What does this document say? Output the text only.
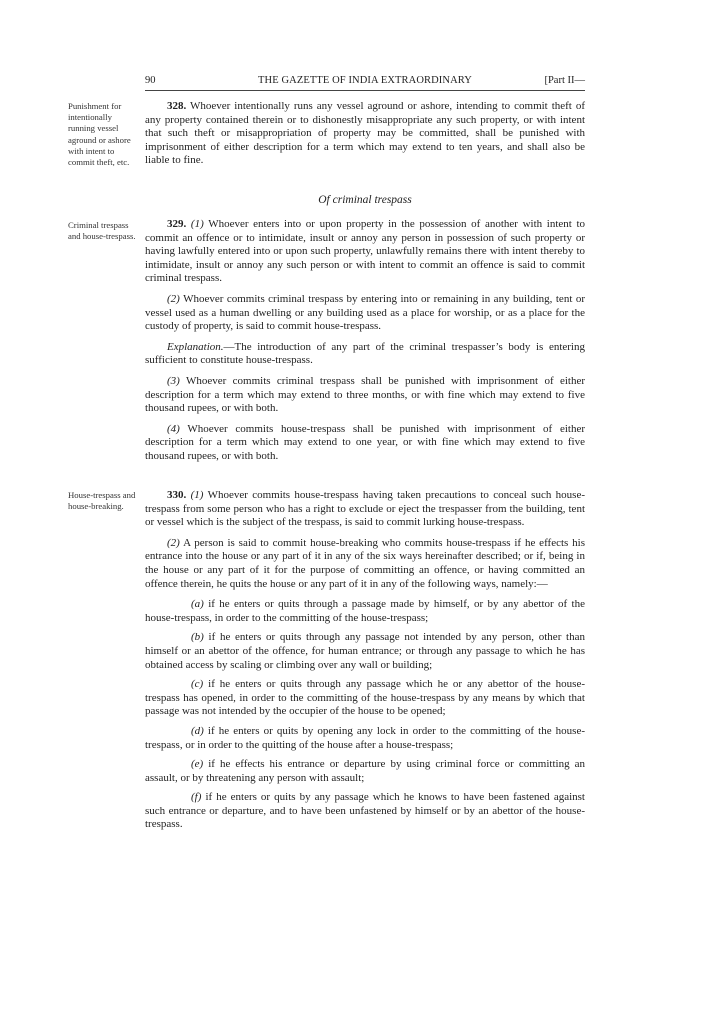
90	THE GAZETTE OF INDIA EXTRAORDINARY	[Part II—
Punishment for intentionally running vessel aground or ashore with intent to commit theft, etc.
Criminal trespass and house-trespass.
House-trespass and house-breaking.

328. Whoever intentionally runs any vessel aground or ashore, intending to commit theft of any property contained therein or to dishonestly misappropriate any such property, or with intent that such theft or misappropriation of property may be committed, shall be punished with imprisonment of either description for a term which may extend to ten years, and shall also be liable to fine.

Of criminal trespass

329. (1) Whoever enters into or upon property in the possession of another with intent to commit an offence or to intimidate, insult or annoy any person in possession of such property or having lawfully entered into or upon such property, unlawfully remains there with intent thereby to intimidate, insult or annoy any such person or with intent to commit an offence is said to commit criminal trespass.

(2) Whoever commits criminal trespass by entering into or remaining in any building, tent or vessel used as a human dwelling or any building used as a place for worship, or as a place for the custody of property, is said to commit house-trespass.

Explanation.—The introduction of any part of the criminal trespasser’s body is entering sufficient to constitute house-trespass.

(3) Whoever commits criminal trespass shall be punished with imprisonment of either description for a term which may extend to three months, or with fine which may extend to five thousand rupees, or with both.

(4) Whoever commits house-trespass shall be punished with imprisonment of either description for a term which may extend to one year, or with fine which may extend to five thousand rupees, or with both.

330. (1) Whoever commits house-trespass having taken precautions to conceal such house-trespass from some person who has a right to exclude or eject the trespasser from the building, tent or vessel which is the subject of the trespass, is said to commit lurking house-trespass.

(2) A person is said to commit house-breaking who commits house-trespass if he effects his entrance into the house or any part of it in any of the six ways hereinafter described; or if, being in the house or any part of it for the purpose of committing an offence, or having committed an offence therein, he quits the house or any part of it in any of the following ways, namely:—

(a) if he enters or quits through a passage made by himself, or by any abettor of the house-trespass, in order to the committing of the house-trespass;

(b) if he enters or quits through any passage not intended by any person, other than himself or an abettor of the offence, for human entrance; or through any passage to which he has obtained access by scaling or climbing over any wall or building;

(c) if he enters or quits through any passage which he or any abettor of the house-trespass has opened, in order to the committing of the house-trespass by any means by which that passage was not intended by the occupier of the house to be opened;

(d) if he enters or quits by opening any lock in order to the committing of the house-trespass, or in order to the quitting of the house after a house-trespass;

(e) if he effects his entrance or departure by using criminal force or committing an assault, or by threatening any person with assault;

(f) if he enters or quits by any passage which he knows to have been fastened against such entrance or departure, and to have been unfastened by himself or by an abettor of the house-trespass.
